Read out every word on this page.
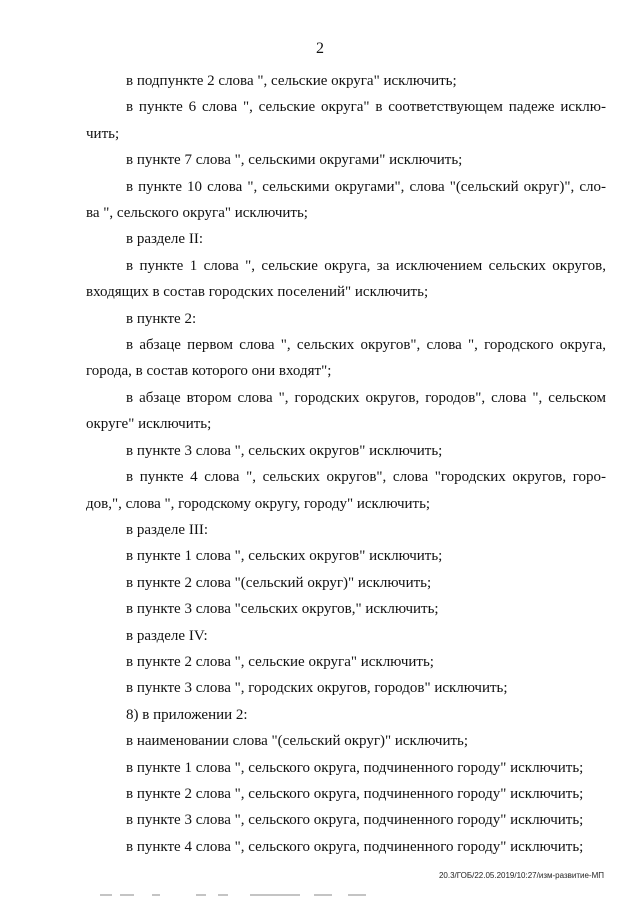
2

в подпункте 2 слова ", сельские округа" исключить;

в пункте 6 слова ", сельские округа" в соответствующем падеже исклю-

чить;

в пункте 7 слова ", сельскими округами" исключить;

в пункте 10 слова ", сельскими округами", слова "(сельский округ)", сло-

ва ", сельского округа" исключить;

в разделе II:

в пункте 1 слова ", сельские округа, за исключением сельских округов,

входящих в состав городских поселений" исключить;

в пункте 2:

в абзаце первом слова ", сельских округов", слова ", городского округа,

города, в состав которого они входят";

в абзаце втором слова ", городских округов, городов", слова ", сельском

округе" исключить;

в пункте 3 слова ", сельских округов" исключить;

в пункте 4 слова ", сельских округов", слова "городских округов, горо-

дов,", слова ", городскому округу, городу" исключить;

в разделе III:

в пункте 1 слова ", сельских округов" исключить;

в пункте 2 слова "(сельский округ)" исключить;

в пункте 3 слова "сельских округов," исключить;

в разделе IV:

в пункте 2 слова ", сельские округа" исключить;

в пункте 3 слова ", городских округов, городов" исключить;

8) в приложении 2:

в наименовании слова "(сельский округ)" исключить;

в пункте 1 слова ", сельского округа, подчиненного городу" исключить;

в пункте 2 слова ", сельского округа, подчиненного городу" исключить;

в пункте 3 слова ", сельского округа, подчиненного городу" исключить;

в пункте 4 слова ", сельского округа, подчиненного городу" исключить;

20.3/ГОБ/22.05.2019/10:27/изм-развитие-МП
